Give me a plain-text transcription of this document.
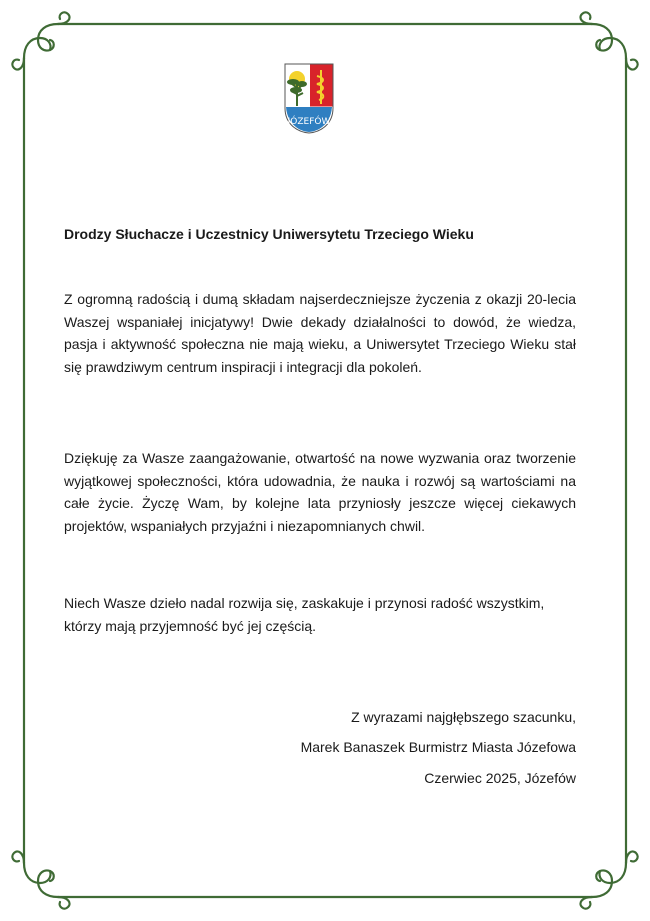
JÓZEFÓW
Drodzy Słuchacze i Uczestnicy Uniwersytetu Trzeciego Wieku
Z ogromną radością i dumą składam najserdeczniejsze życzenia z okazji 20-lecia Waszej wspaniałej inicjatywy! Dwie dekady działalności to dowód, że wiedza, pasja i aktywność społeczna nie mają wieku, a Uniwersytet Trzeciego Wieku stał się prawdziwym centrum inspiracji i integracji dla pokoleń.
Dziękuję za Wasze zaangażowanie, otwartość na nowe wyzwania oraz tworzenie wyjątkowej społeczności, która udowadnia, że nauka i rozwój są wartościami na całe życie. Życzę Wam, by kolejne lata przyniosły jeszcze więcej ciekawych projektów, wspaniałych przyjaźni i niezapomnianych chwil.
Niech Wasze dzieło nadal rozwija się, zaskakuje i przynosi radość wszystkim, którzy mają przyjemność być jej częścią.
Z wyrazami najgłębszego szacunku,
Marek Banaszek Burmistrz Miasta Józefowa
Czerwiec 2025, Józefów
